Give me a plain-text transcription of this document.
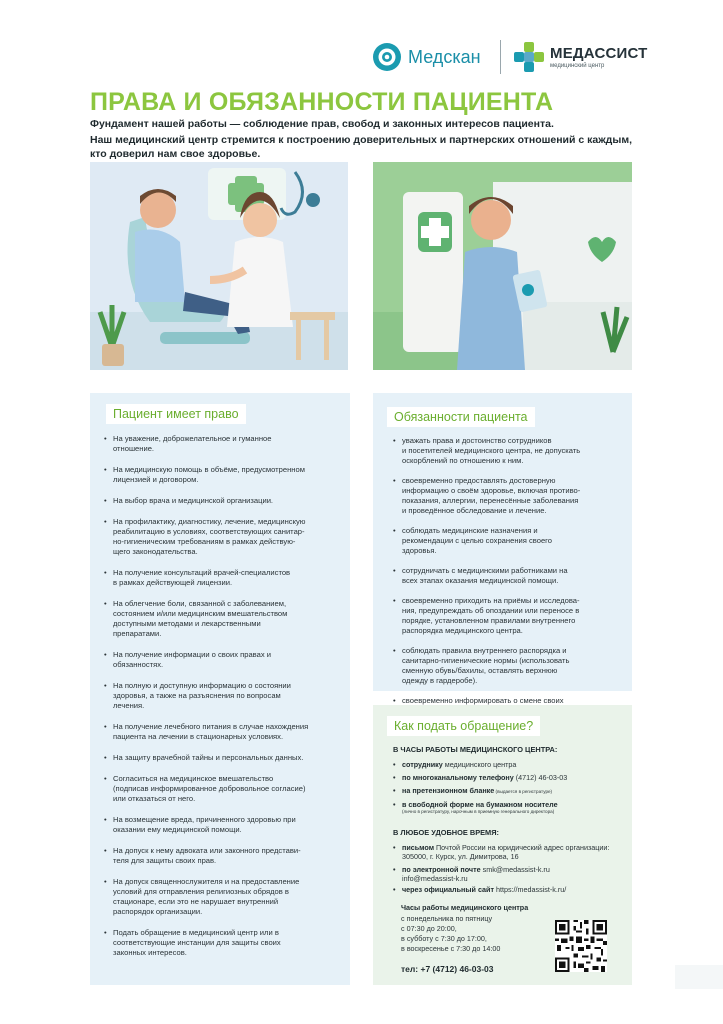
Медскан	МЕДАССИСТ
медицинский центр
ПРАВА И ОБЯЗАННОСТИ ПАЦИЕНТА

Фундамент нашей работы — соблюдение прав, свобод и законных интересов пациента.

Наш медицинский центр стремится к построению доверительных и партнерских отношений с каждым, кто доверил нам свое здоровье.

Пациент имеет право
• На уважение, доброжелательное и гуманное
отношение.
• На медицинскую помощь в объёме, предусмотренном
лицензией и договором.
• На выбор врача и медицинской организации.
• На профилактику, диагностику, лечение, медицинскую
реабилитацию в условиях, соответствующих санитар-
но-гигиеническим требованиям в рамках действую-
щего законодательства.
• На получение консультаций врачей-специалистов
в рамках действующей лицензии.
• На облегчение боли, связанной с заболеванием,
состоянием и/или медицинским вмешательством
доступными методами и лекарственными
препаратами.
• На получение информации о своих правах и
обязанностях.
• На полную и доступную информацию о состоянии
здоровья, а также на разъяснения по вопросам
лечения.
• На получение лечебного питания в случае нахождения
пациента на лечении в стационарных условиях.
• На защиту врачебной тайны и персональных данных.
• Согласиться на медицинское вмешательство
(подписав информированное добровольное согласие)
или отказаться от него.
• На возмещение вреда, причиненного здоровью при
оказании ему медицинской помощи.
• На допуск к нему адвоката или законного представи-
теля для защиты своих прав.
• На допуск священнослужителя и на предоставление
условий для отправления религиозных обрядов в
стационаре, если это не нарушает внутренний
распорядок организации.
• Подать обращение в медицинский центр или в
соответствующие инстанции для защиты своих
законных интересов.
Обязанности пациента
• уважать права и достоинство сотрудников
и посетителей медицинского центра, не допускать
оскорблений по отношению к ним.
• своевременно предоставлять достоверную
информацию о своём здоровье, включая противо-
показания, аллергии, перенесённые заболевания
и проведённое обследование и лечение.
• соблюдать медицинские назначения и
рекомендации с целью сохранения своего
здоровья.
• сотрудничать с медицинскими работниками на
всех этапах оказания медицинской помощи.
• своевременно приходить на приёмы и исследова-
ния, предупреждать об опоздании или переносе в
порядке, установленном правилами внутреннего
распорядка медицинского центра.
• соблюдать правила внутреннего распорядка и
санитарно-гигиенические нормы (использовать
сменную обувь/бахилы, оставлять верхнюю
одежду в гардеробе).
• своевременно информировать о смене своих

Как подать обращение?
В ЧАСЫ РАБОТЫ МЕДИЦИНСКОГО ЦЕНТРА:
• сотруднику медицинского центра
• по многоканальному телефону (4712) 46-03-03
• на претензионном бланке (выдается в регистратуре)
• в свободной форме на бумажном носителе
(лично в регистратуру, нарочным в приемную генерального директора)
В ЛЮБОЕ УДОБНОЕ ВРЕМЯ:
• письмом Почтой России на юридический адрес организации: 305000, г. Курск, ул. Димитрова, 16
• по электронной почте smk@medassist-k.ru
info@medassist-k.ru
• через официальный сайт https://medassist-k.ru/
Часы работы медицинского центра
с понедельника по пятницу
с 07:30 до 20:00,
в субботу с 7:30 до 17:00,
в воскресенье с 7:30 до 14:00
тел: +7 (4712) 46-03-03
